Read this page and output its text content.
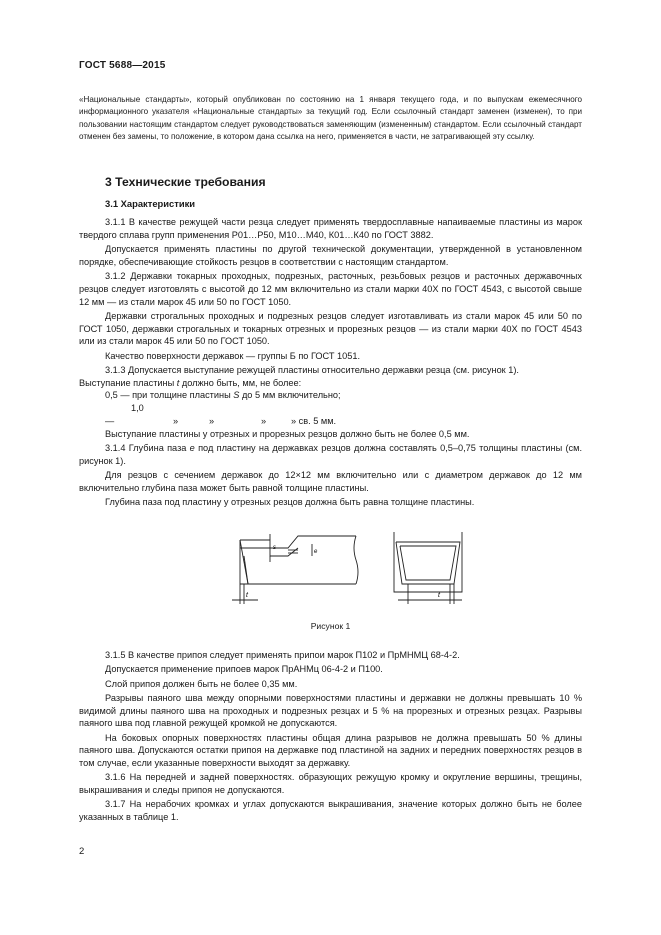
ГОСТ 5688—2015

«Национальные стандарты», который опубликован по состоянию на 1 января текущего года, и по выпускам ежемесячного информационного указателя «Национальные стандарты» за текущий год. Если ссылочный стандарт заменен (изменен), то при пользовании настоящим стандартом следует руководствоваться заменяющим (измененным) стандартом. Если ссылочный стандарт отменен без замены, то положение, в котором дана ссылка на него, применяется в части, не затрагивающей эту ссылку.

3 Технические требования
3.1 Характеристики

3.1.1 В качестве режущей части резца следует применять твердосплавные напаиваемые пластины из марок твердого сплава групп применения Р01…Р50, М10…М40, К01…К40 по ГОСТ 3882.

Допускается применять пластины по другой технической документации, утвержденной в установленном порядке, обеспечивающие стойкость резцов в соответствии с настоящим стандартом.

3.1.2 Державки токарных проходных, подрезных, расточных, резьбовых резцов и расточных державочных резцов следует изготовлять с высотой до 12 мм включительно из стали марки 40Х по ГОСТ 4543, с высотой свыше 12 мм — из стали марок 45 или 50 по ГОСТ 1050.

Державки строгальных проходных и подрезных резцов следует изготавливать из стали марок 45 или 50 по ГОСТ 1050, державки строгальных и токарных отрезных и прорезных резцов — из стали марки 40Х по ГОСТ 4543 или из стали марок 45 или 50 по ГОСТ 1050.

Качество поверхности державок — группы Б по ГОСТ 1051.

3.1.3 Допускается выступание режущей пластины относительно державки резца (см. рисунок 1).

Выступание пластины t должно быть, мм, не более:

0,5 — при толщине пластины S до 5 мм включительно;

1,0 —	»	»	»	» св. 5 мм.

Выступание пластины у отрезных и прорезных резцов должно быть не более 0,5 мм.

3.1.4 Глубина паза е под пластину на державках резцов должна составлять 0,5–0,75 толщины пластины (см. рисунок 1).

Для резцов с сечением державок до 12×12 мм включительно или с диаметром державок до 12 мм включительно глубина паза может быть равной толщине пластины.

Глубина паза под пластину у отрезных резцов должна быть равна толщине пластины.

s
e
t	t
Рисунок 1

3.1.5 В качестве припоя следует применять припои марок П102 и ПрМНМЦ 68-4-2.

Допускается применение припоев марок ПрАНМц 06-4-2 и П100.

Слой припоя должен быть не более 0,35 мм.

Разрывы паяного шва между опорными поверхностями пластины и державки не должны превышать 10 % видимой длины паяного шва на проходных и подрезных резцах и 5 % на прорезных и отрезных резцах. Разрывы паяного шва под главной режущей кромкой не допускаются.

На боковых опорных поверхностях пластины общая длина разрывов не должна превышать 50 % длины паяного шва. Допускаются остатки припоя на державке под пластиной на задних и передних поверхностях резцов в том случае, если указанные поверхности выходят за державку.

3.1.6 На передней и задней поверхностях. образующих режущую кромку и округление вершины, трещины, выкрашивания и следы припоя не допускаются.

3.1.7 На нерабочих кромках и углах допускаются выкрашивания, значение которых должно быть не более указанных в таблице 1.

2
